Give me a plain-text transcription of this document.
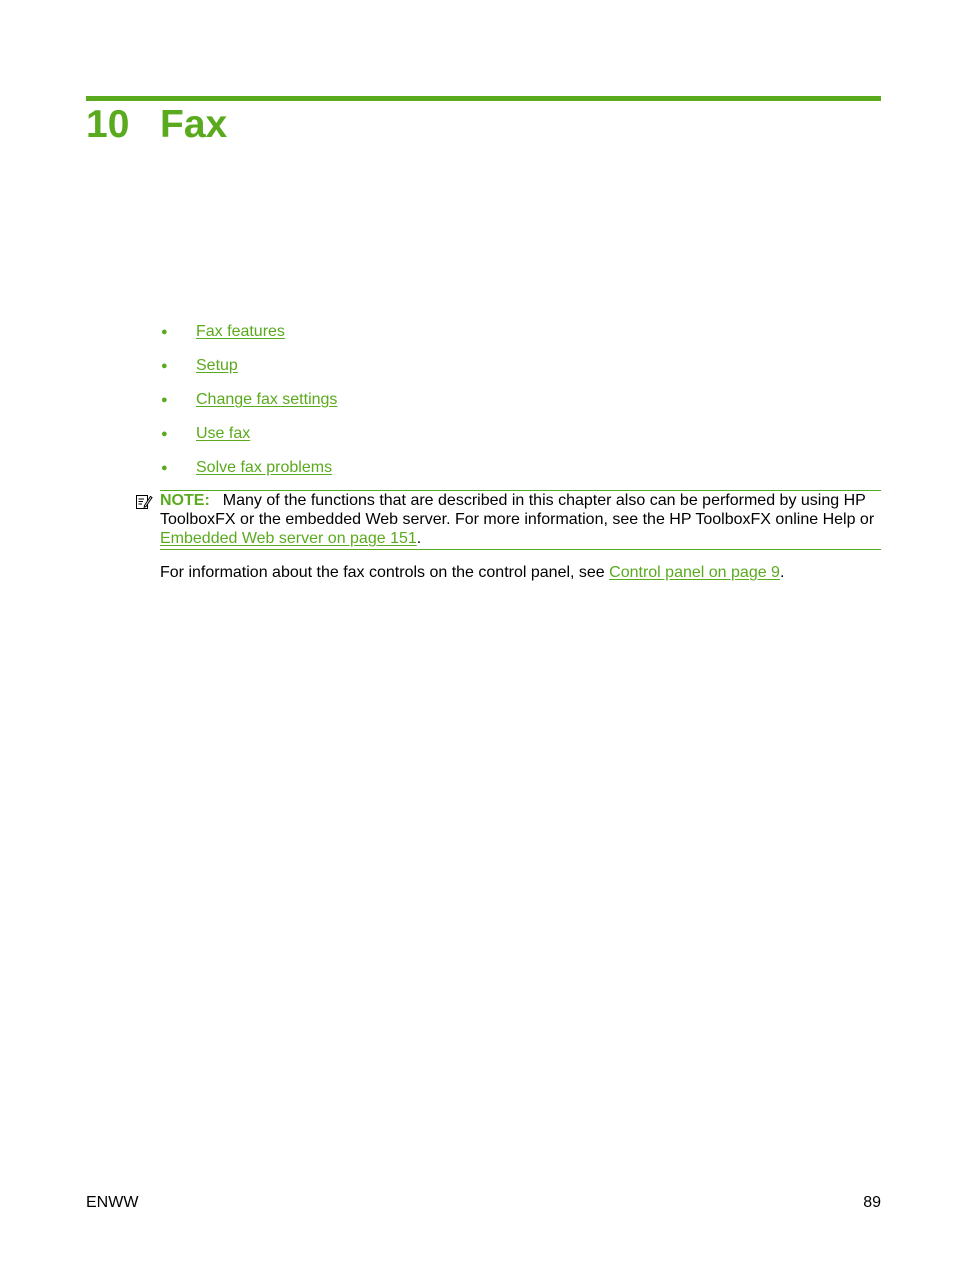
10 Fax
●	Fax features
●	Setup
●	Change fax settings
●	Use fax
●	Solve fax problems
NOTE: Many of the functions that are described in this chapter also can be performed by using HP ToolboxFX or the embedded Web server. For more information, see the HP ToolboxFX online Help or Embedded Web server on page 151.

For information about the fax controls on the control panel, see Control panel on page 9.

ENWW	89
